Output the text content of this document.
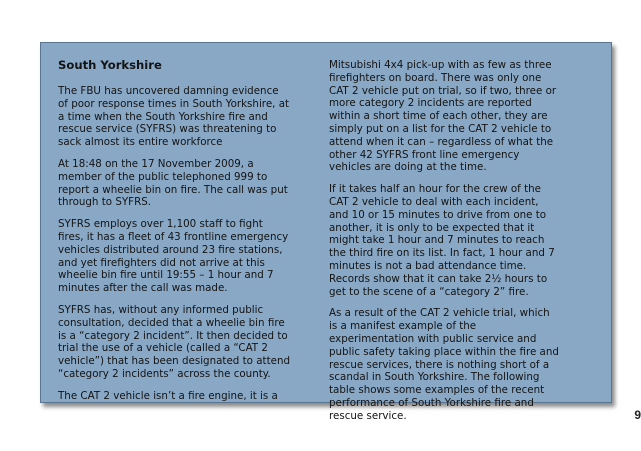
South Yorkshire

The FBU has uncovered damning evidence of poor response times in South Yorkshire, at a time when the South Yorkshire fire and rescue service (SYFRS) was threatening to sack almost its entire workforce

At 18:48 on the 17 November 2009, a member of the public telephoned 999 to report a wheelie bin on fire. The call was put through to SYFRS.

SYFRS employs over 1,100 staff to fight fires, it has a fleet of 43 frontline emergency vehicles distributed around 23 fire stations, and yet firefighters did not arrive at this wheelie bin fire until 19:55 – 1 hour and 7 minutes after the call was made.

SYFRS has, without any informed public consultation, decided that a wheelie bin fire is a “category 2 incident”. It then decided to trial the use of a vehicle (called a “CAT 2 vehicle”) that has been designated to attend “category 2 incidents” across the county.

The CAT 2 vehicle isn’t a fire engine, it is a

Mitsubishi 4x4 pick-up with as few as three firefighters on board. There was only one CAT 2 vehicle put on trial, so if two, three or more category 2 incidents are reported within a short time of each other, they are simply put on a list for the CAT 2 vehicle to attend when it can – regardless of what the other 42 SYFRS front line emergency vehicles are doing at the time.

If it takes half an hour for the crew of the CAT 2 vehicle to deal with each incident, and 10 or 15 minutes to drive from one to another, it is only to be expected that it might take 1 hour and 7 minutes to reach the third fire on its list. In fact, 1 hour and 7 minutes is not a bad attendance time. Records show that it can take 2½ hours to get to the scene of a “category 2” fire.

As a result of the CAT 2 vehicle trial, which is a manifest example of the experimentation with public service and public safety taking place within the fire and rescue services, there is nothing short of a scandal in South Yorkshire. The following table shows some examples of the recent performance of South Yorkshire fire and rescue service.	9
